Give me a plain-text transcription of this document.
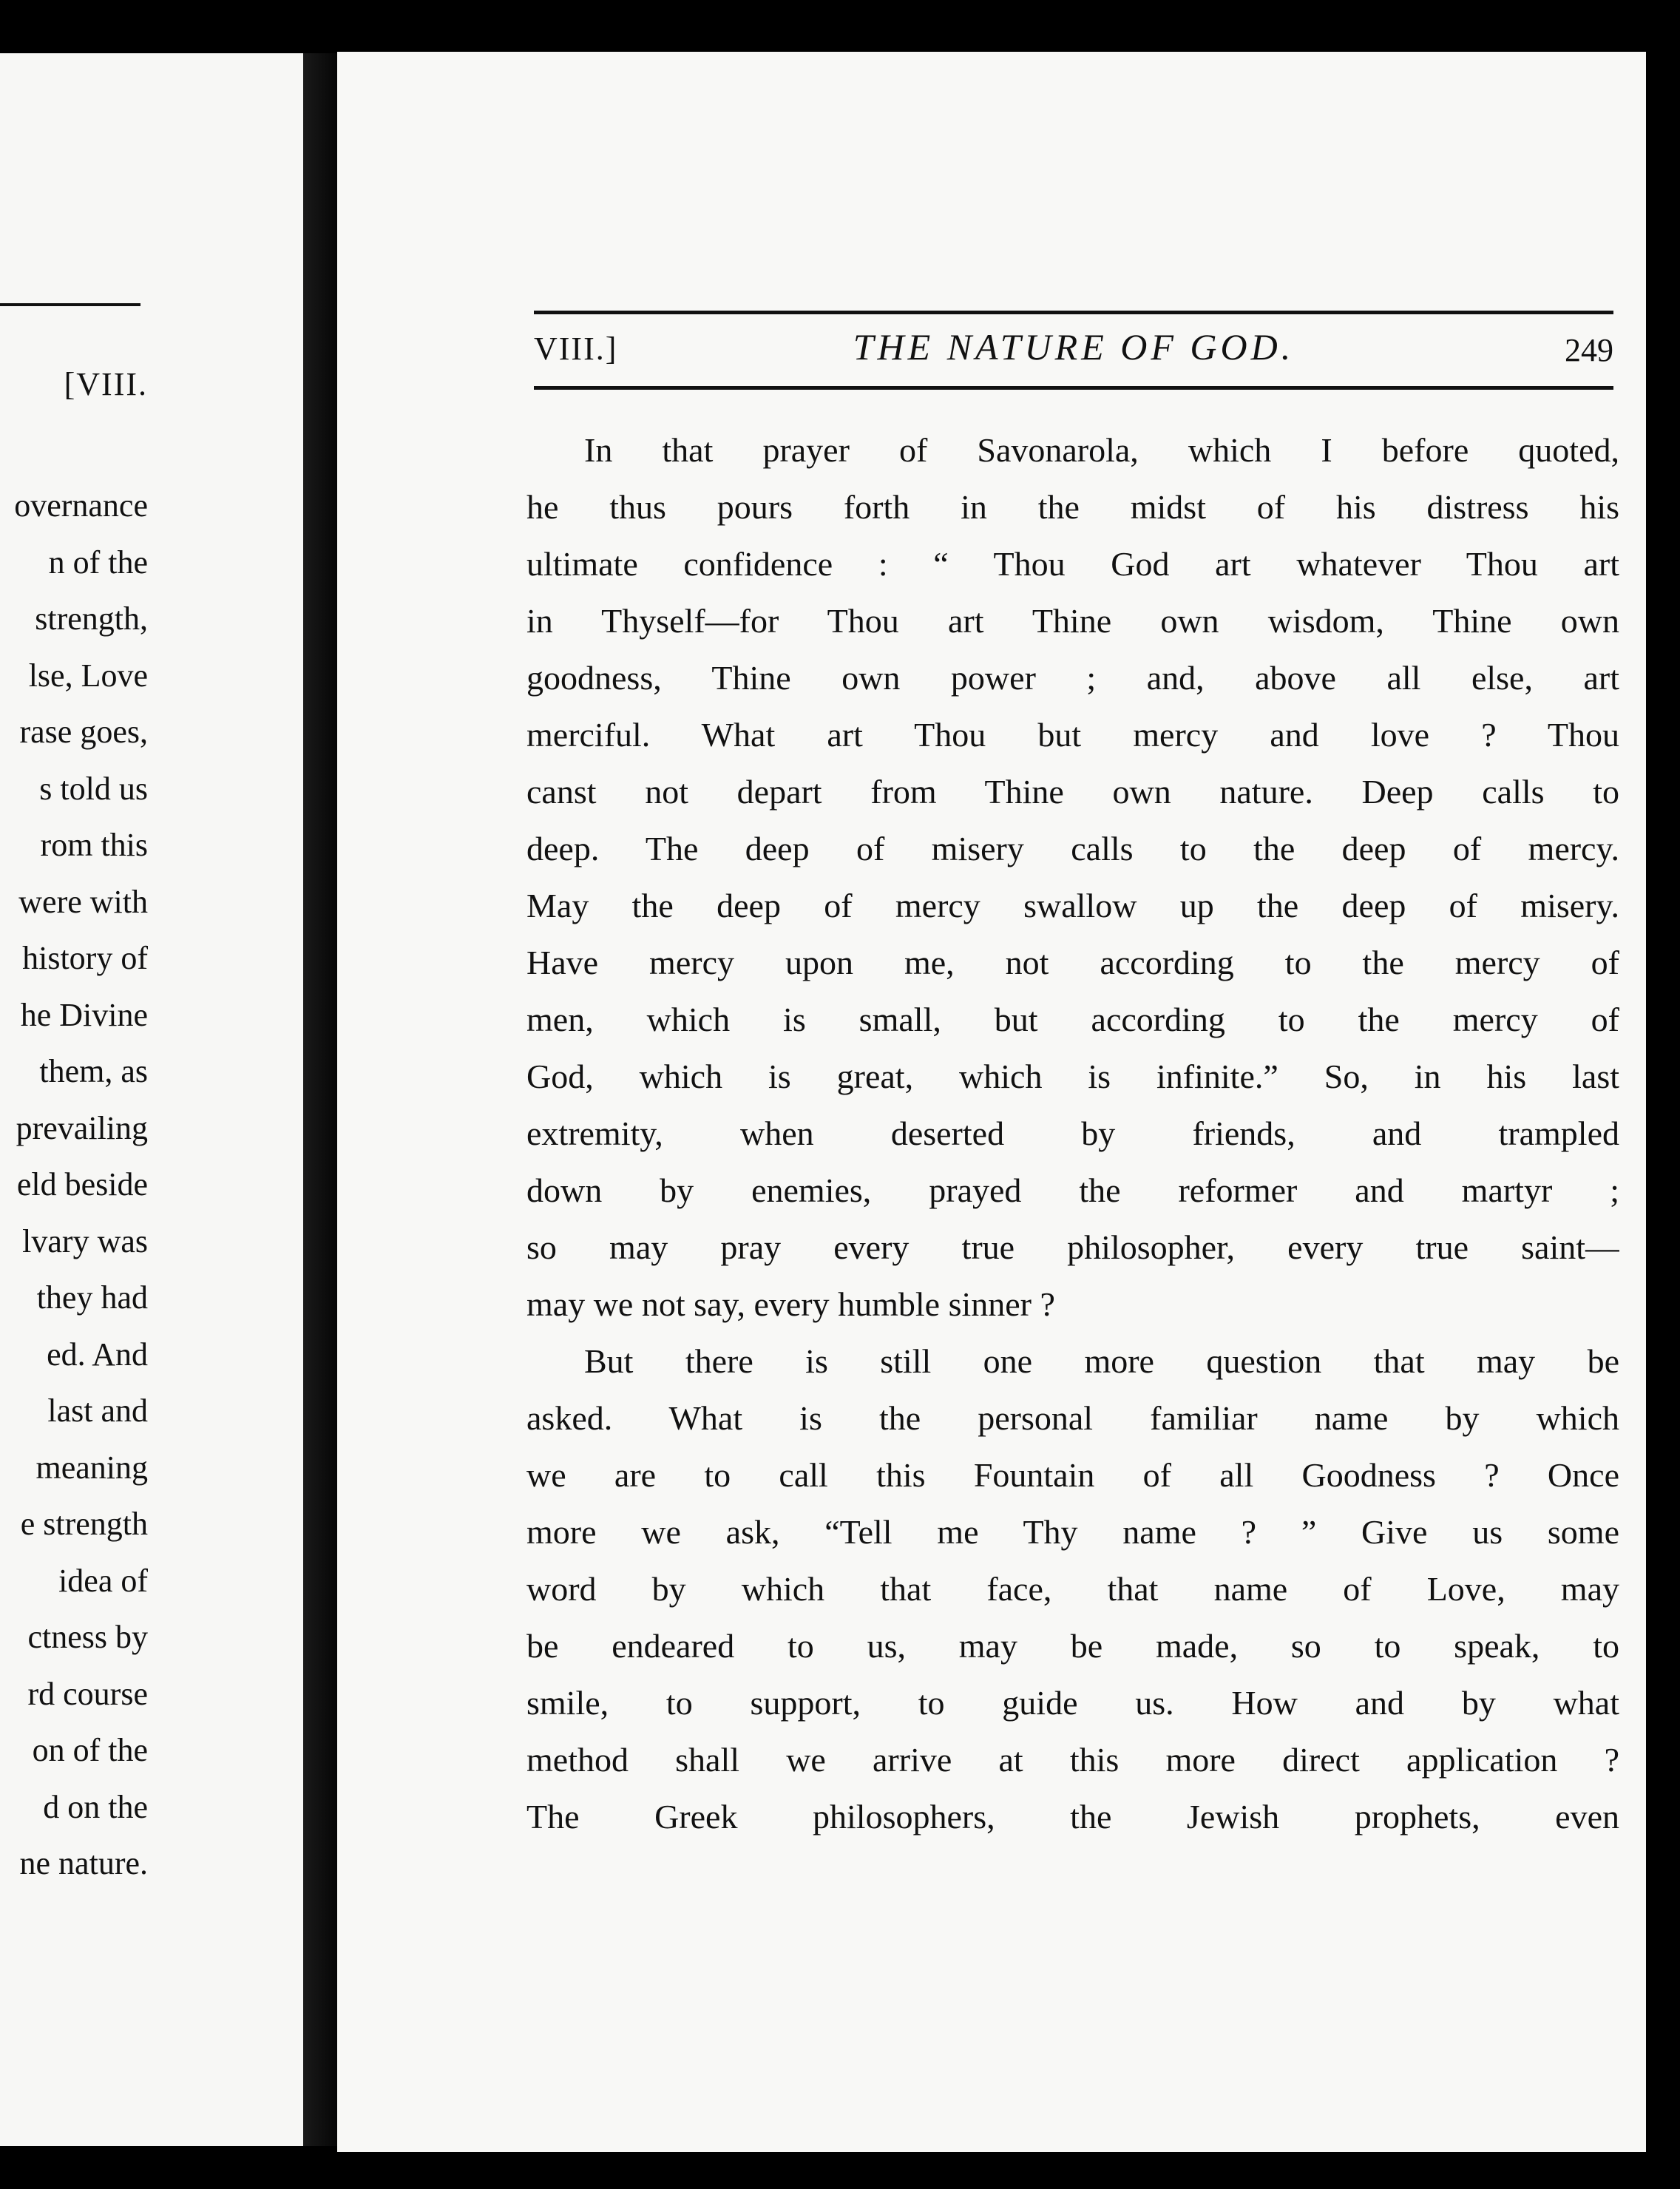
[VIII.
overnance
n of the
strength,
lse, Love
rase goes,
s told us
rom this
were with
history of
he Divine
them, as
prevailing
eld beside
lvary was
they had
ed. And
last and
meaning
e strength
idea of
ctness by
rd course
on of the
d on the
ne nature.
VIII.]	THE NATURE OF GOD.	249
In that prayer of Savonarola, which I before quoted,
he thus pours forth in the midst of his distress his
ultimate confidence : “ Thou God art whatever Thou art
in Thyself—for Thou art Thine own wisdom, Thine own
goodness, Thine own power ; and, above all else, art
merciful. What art Thou but mercy and love ? Thou
canst not depart from Thine own nature. Deep calls to
deep. The deep of misery calls to the deep of mercy.
May the deep of mercy swallow up the deep of misery.
Have mercy upon me, not according to the mercy of
men, which is small, but according to the mercy of
God, which is great, which is infinite.” So, in his last
extremity, when deserted by friends, and trampled
down by enemies, prayed the reformer and martyr ;
so may pray every true philosopher, every true saint—
may we not say, every humble sinner ?
But there is still one more question that may be
asked. What is the personal familiar name by which
we are to call this Fountain of all Goodness ? Once
more we ask, “Tell me Thy name ? ” Give us some
word by which that face, that name of Love, may
be endeared to us, may be made, so to speak, to
smile, to support, to guide us. How and by what
method shall we arrive at this more direct application ?
The Greek philosophers, the Jewish prophets, even
